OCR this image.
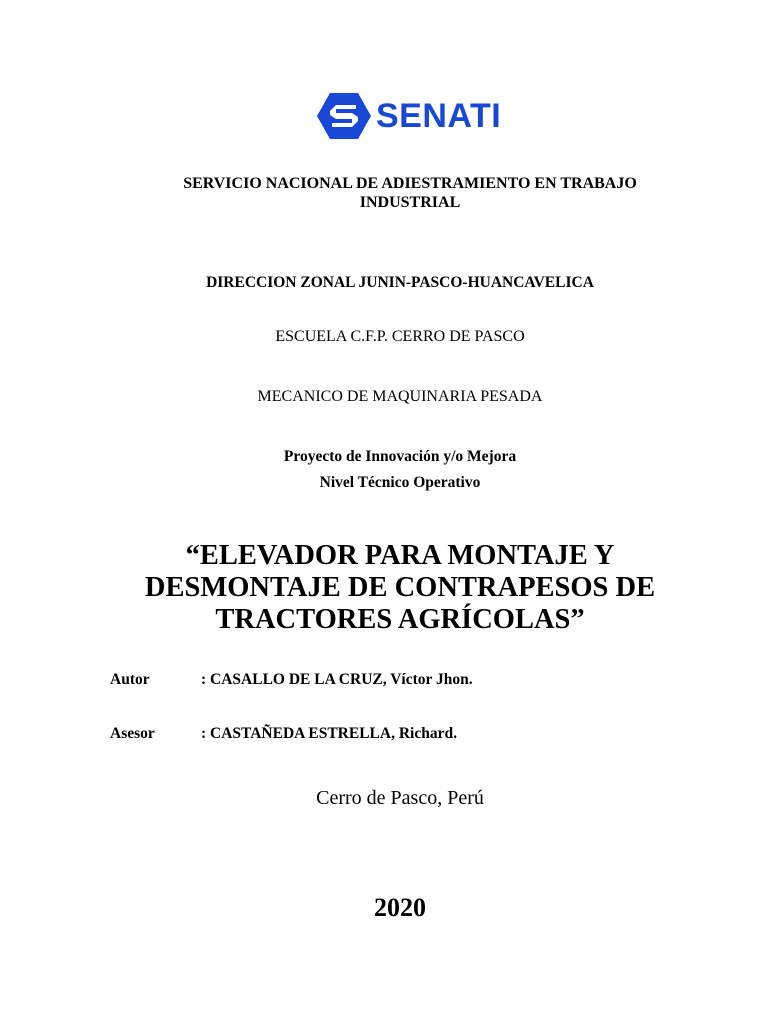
SENATI
SERVICIO NACIONAL DE ADIESTRAMIENTO EN TRABAJO INDUSTRIAL
DIRECCION ZONAL JUNIN-PASCO-HUANCAVELICA
ESCUELA C.F.P. CERRO DE PASCO
MECANICO DE MAQUINARIA PESADA
Proyecto de Innovación y/o Mejora
Nivel Técnico Operativo
“ELEVADOR PARA MONTAJE Y DESMONTAJE DE CONTRAPESOS DE TRACTORES AGRÍCOLAS”
Autor	: CASALLO DE LA CRUZ, Víctor Jhon.
Asesor	: CASTAÑEDA ESTRELLA, Richard.
Cerro de Pasco, Perú
2020
